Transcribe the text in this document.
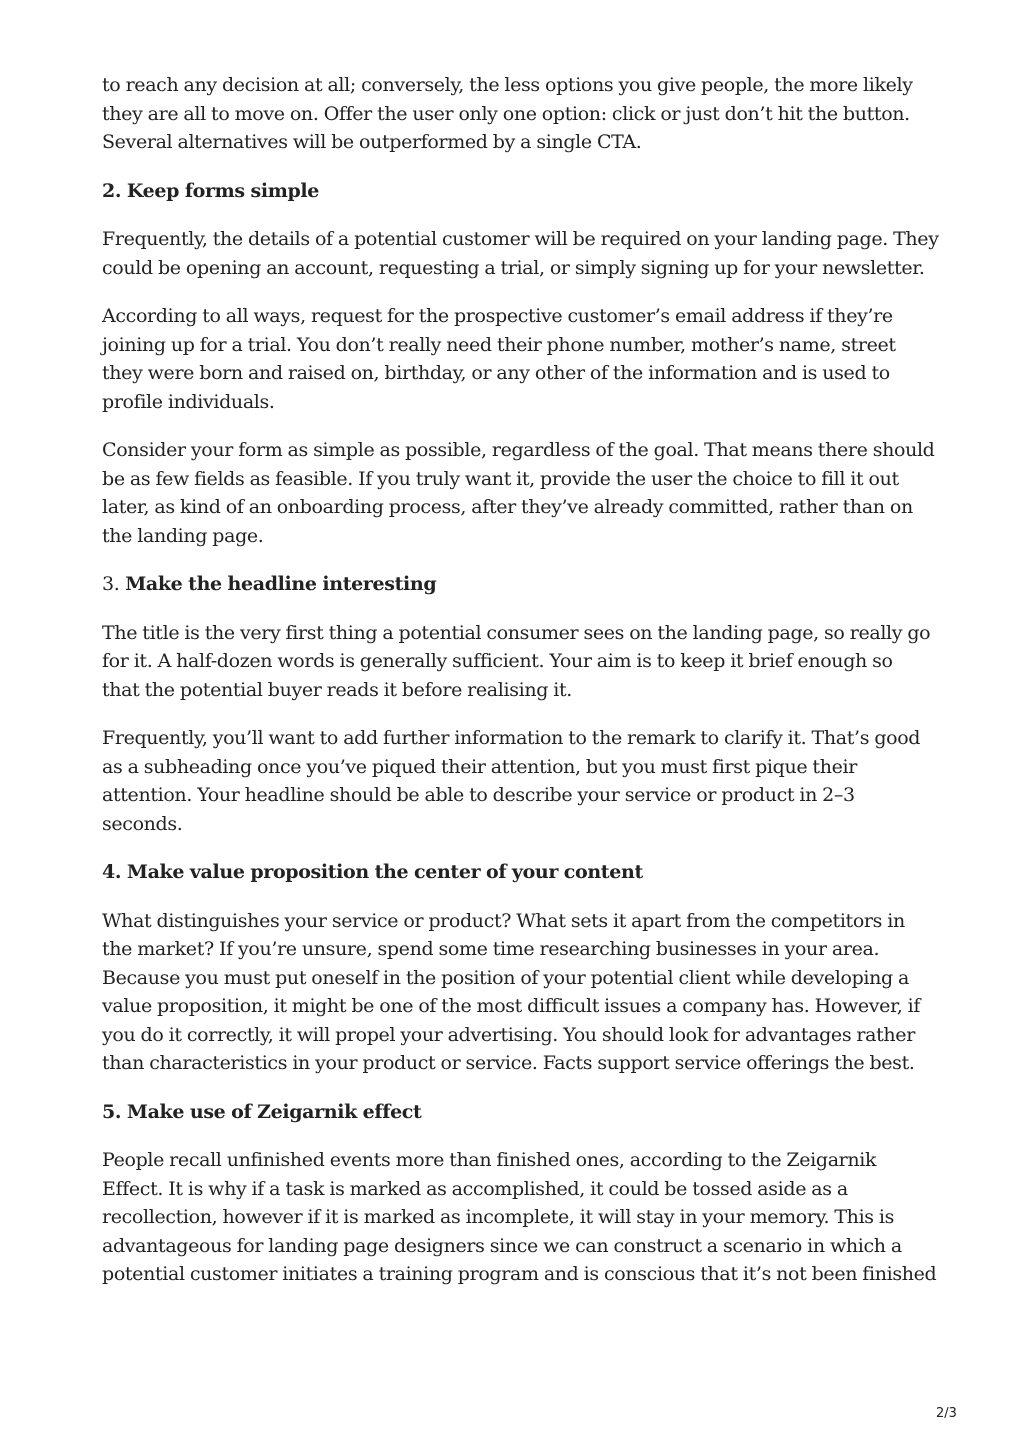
to reach any decision at all; conversely, the less options you give people, the more likely
they are all to move on. Offer the user only one option: click or just don’t hit the button.
Several alternatives will be outperformed by a single CTA.

2. Keep forms simple

Frequently, the details of a potential customer will be required on your landing page. They
could be opening an account, requesting a trial, or simply signing up for your newsletter.

According to all ways, request for the prospective customer’s email address if they’re
joining up for a trial. You don’t really need their phone number, mother’s name, street
they were born and raised on, birthday, or any other of the information and is used to
profile individuals.

Consider your form as simple as possible, regardless of the goal. That means there should
be as few fields as feasible. If you truly want it, provide the user the choice to fill it out
later, as kind of an onboarding process, after they’ve already committed, rather than on
the landing page.

3. Make the headline interesting

The title is the very first thing a potential consumer sees on the landing page, so really go
for it. A half-dozen words is generally sufficient. Your aim is to keep it brief enough so
that the potential buyer reads it before realising it.

Frequently, you’ll want to add further information to the remark to clarify it. That’s good
as a subheading once you’ve piqued their attention, but you must first pique their
attention. Your headline should be able to describe your service or product in 2–3
seconds.

4. Make value proposition the center of your content

What distinguishes your service or product? What sets it apart from the competitors in
the market? If you’re unsure, spend some time researching businesses in your area.
Because you must put oneself in the position of your potential client while developing a
value proposition, it might be one of the most difficult issues a company has. However, if
you do it correctly, it will propel your advertising. You should look for advantages rather
than characteristics in your product or service. Facts support service offerings the best.

5. Make use of Zeigarnik effect

People recall unfinished events more than finished ones, according to the Zeigarnik
Effect. It is why if a task is marked as accomplished, it could be tossed aside as a
recollection, however if it is marked as incomplete, it will stay in your memory. This is
advantageous for landing page designers since we can construct a scenario in which a
potential customer initiates a training program and is conscious that it’s not been finished

2/3
